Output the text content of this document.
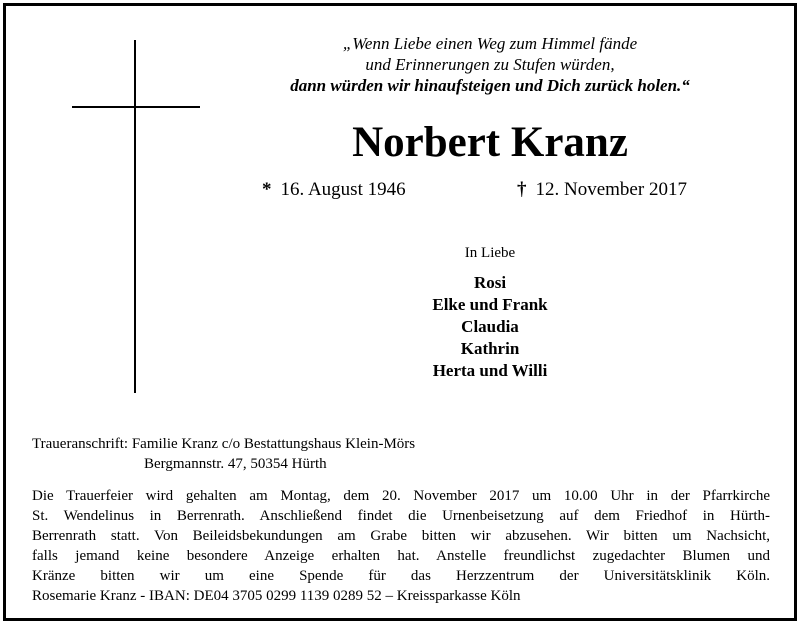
„Wenn Liebe einen Weg zum Himmel fände
und Erinnerungen zu Stufen würden,
dann würden wir hinaufsteigen und Dich zurück holen.“
Norbert Kranz
* 16. August 1946	† 12. November 2017
In Liebe
Rosi
Elke und Frank
Claudia
Kathrin
Herta und Willi
Traueranschrift: Familie Kranz c/o Bestattungshaus Klein-Mörs
Bergmannstr. 47, 50354 Hürth
Die Trauerfeier wird gehalten am Montag, dem 20. November 2017 um 10.00 Uhr in der Pfarrkirche
St. Wendelinus in Berrenrath. Anschließend findet die Urnenbeisetzung auf dem Friedhof in Hürth-
Berrenrath statt. Von Beileidsbekundungen am Grabe bitten wir abzusehen. Wir bitten um Nachsicht,
falls jemand keine besondere Anzeige erhalten hat. Anstelle freundlichst zugedachter Blumen und
Kränze bitten wir um eine Spende für das Herzzentrum der Universitätsklinik Köln.
Rosemarie Kranz - IBAN: DE04 3705 0299 1139 0289 52 – Kreissparkasse Köln
